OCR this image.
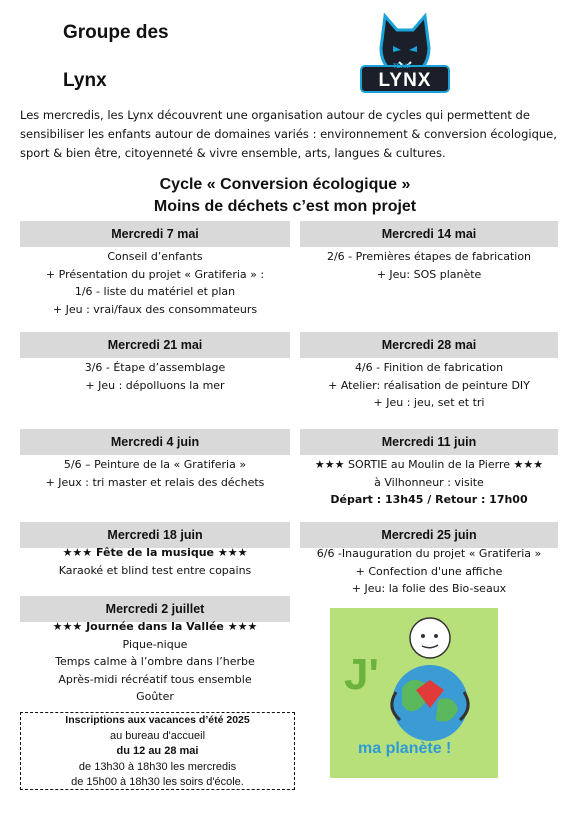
Groupe des
Lynx
TEAM
LYNX
Les mercredis, les Lynx découvrent une organisation autour de cycles qui permettent de sensibiliser les enfants autour de domaines variés : environnement & conversion écologique, sport & bien être, citoyenneté & vivre ensemble, arts, langues & cultures.
Cycle « Conversion écologique »
Moins de déchets c’est mon projet
Mercredi 7 mai
Conseil d’enfants
+ Présentation du projet « Gratiferia » :
1/6 - liste du matériel et plan
+ Jeu : vrai/faux des consommateurs
Mercredi 14 mai
2/6 - Premières étapes de fabrication
+ Jeu: SOS planète
Mercredi 21 mai
3/6 - Étape d’assemblage
+ Jeu : dépolluons la mer
Mercredi 28 mai
4/6 - Finition de fabrication
+ Atelier: réalisation de peinture DIY
+ Jeu : jeu, set et tri
Mercredi 4 juin
5/6 – Peinture de la « Gratiferia »
+ Jeux : tri master et relais des déchets
Mercredi 11 juin
★★★ SORTIE au Moulin de la Pierre ★★★
à Vilhonneur : visite
Départ : 13h45 / Retour : 17h00
Mercredi 18 juin
★★★ Fête de la musique ★★★
Karaoké et blind test entre copains
Mercredi 25 juin
6/6 -Inauguration du projet « Gratiferia »
+ Confection d'une affiche
+ Jeu: la folie des Bio-seaux
Mercredi 2 juillet
★★★ Journée dans la Vallée ★★★
Pique-nique
Temps calme à l’ombre dans l’herbe
Après-midi récréatif tous ensemble
Goûter
Inscriptions aux vacances d’été 2025
au bureau d'accueil
du 12 au 28 mai
de 13h30 à 18h30 les mercredis
de 15h00 à 18h30 les soirs d'école.
J'
ma planète !
